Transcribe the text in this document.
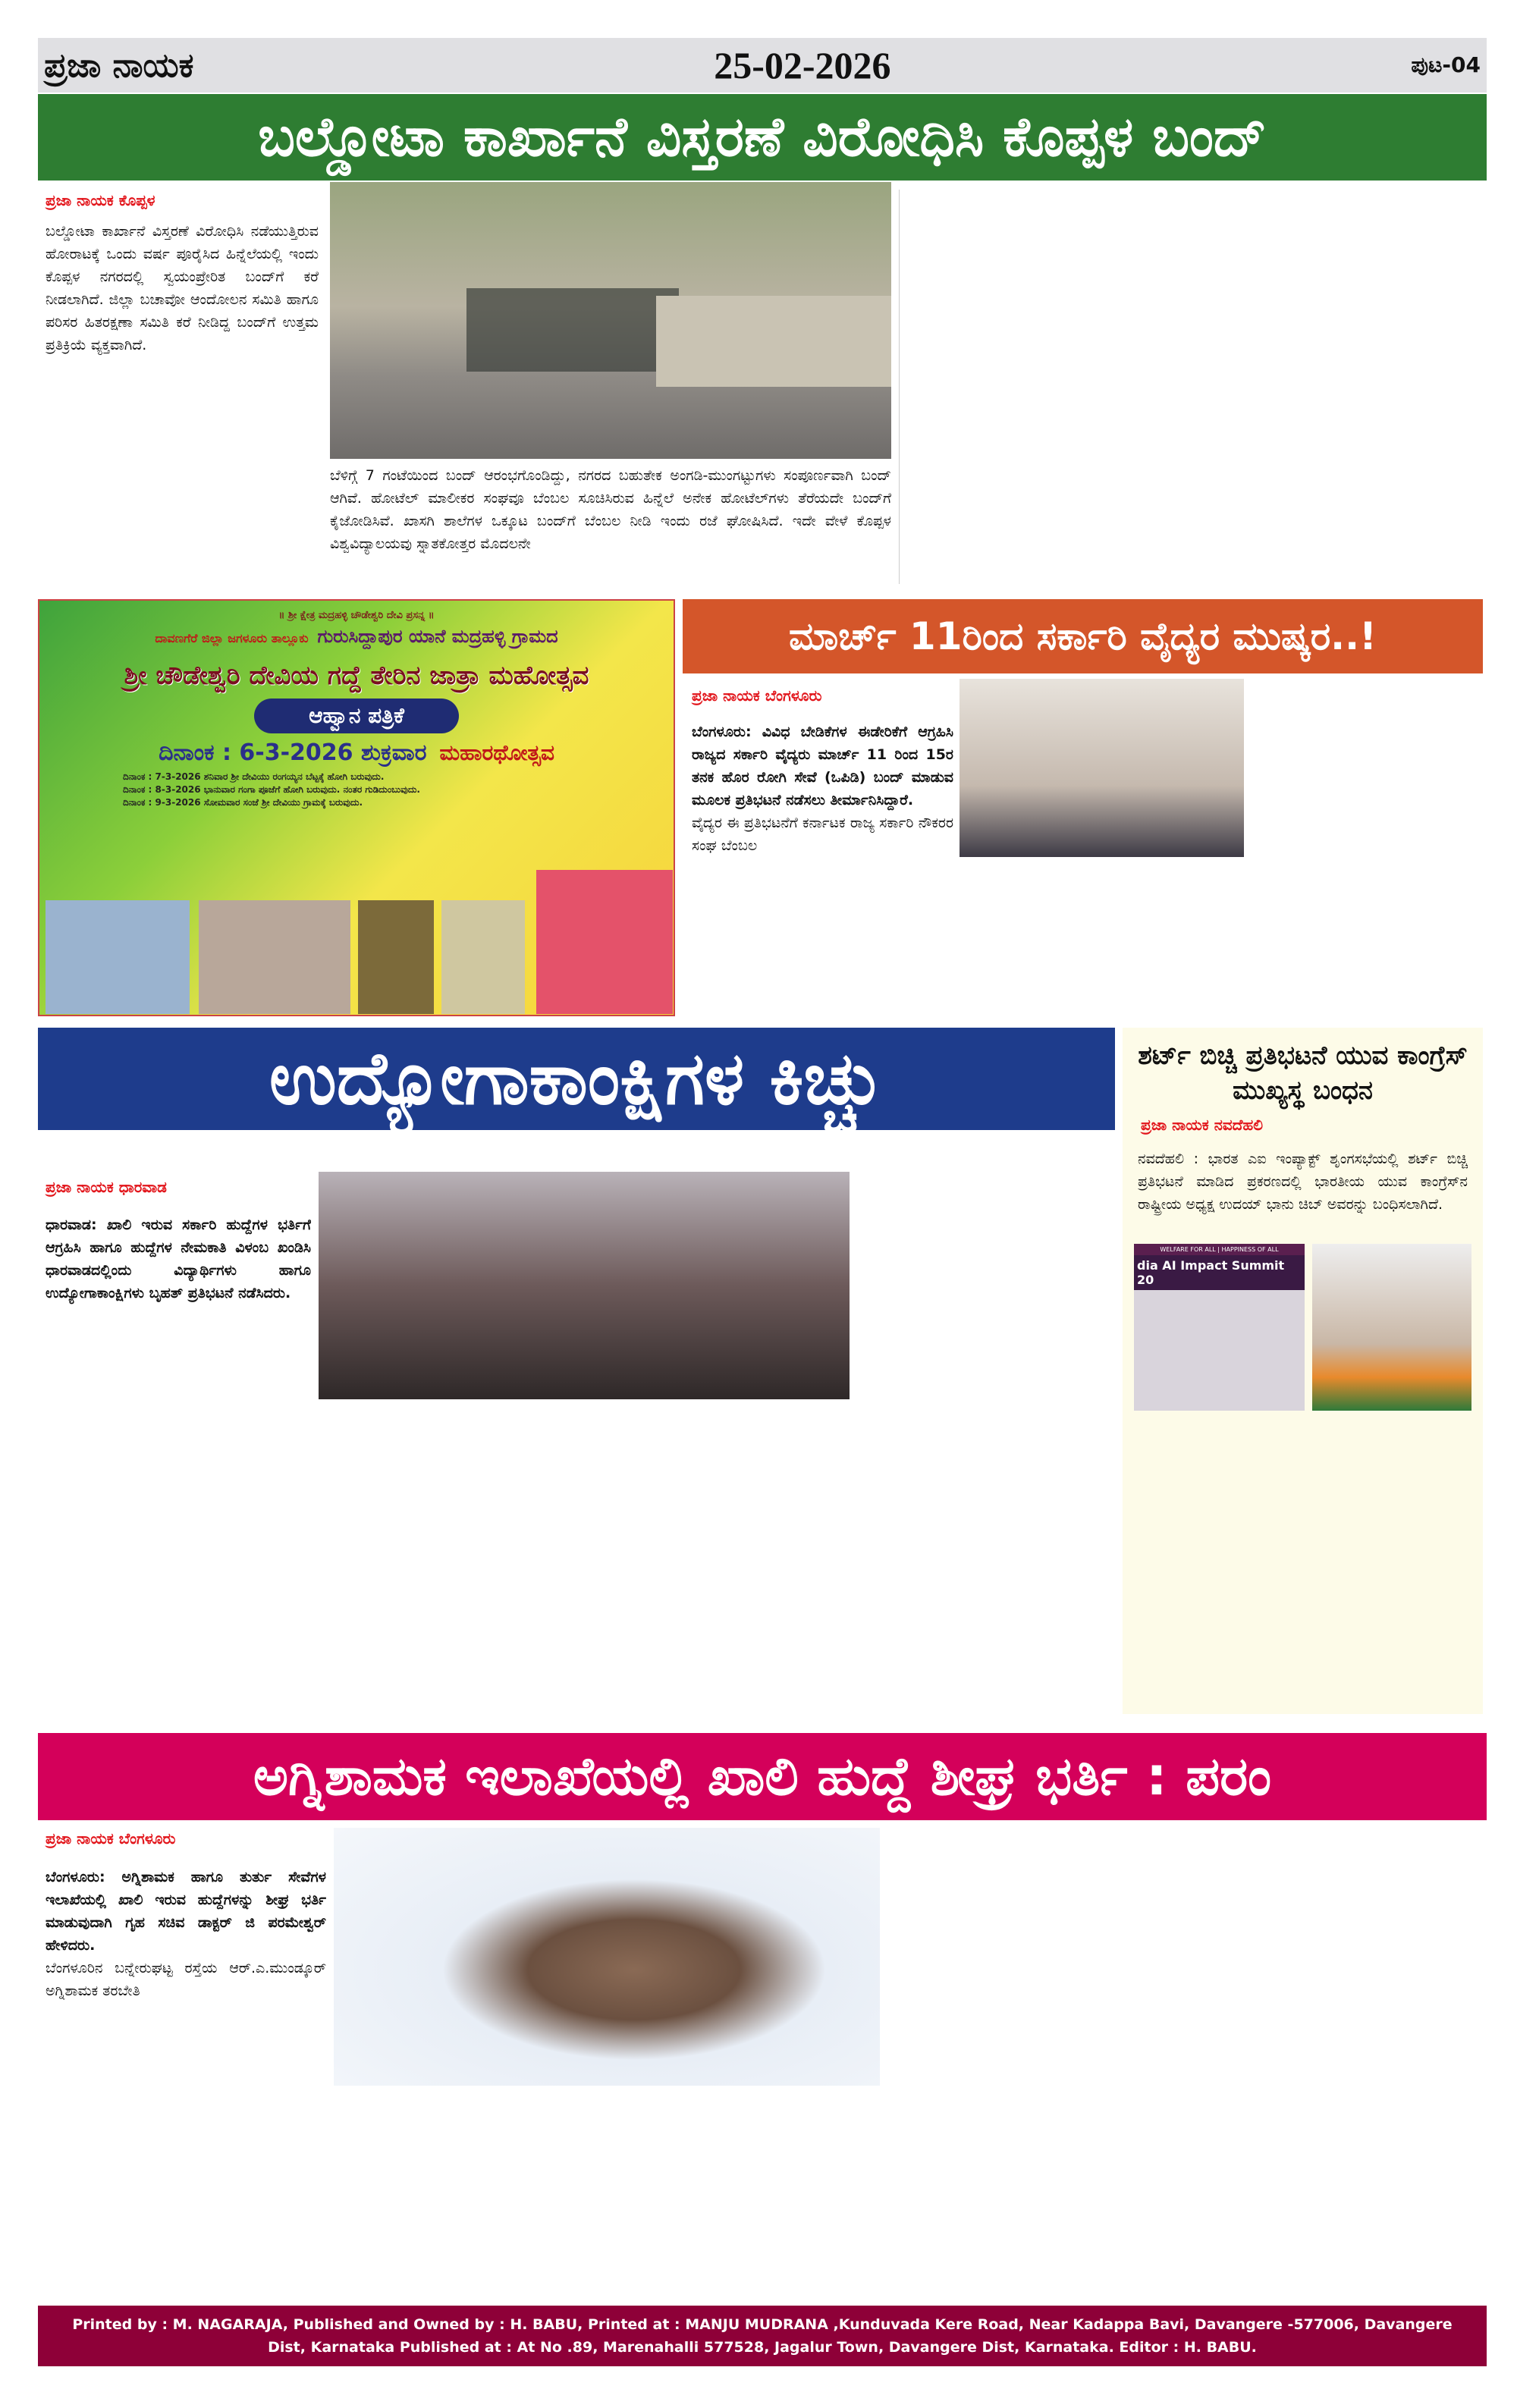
ಪ್ರಜಾ ನಾಯಕ	25-02-2026	ಪುಟ-04
ಬಲ್ಡೋಟಾ ಕಾರ್ಖಾನೆ ವಿಸ್ತರಣೆ ವಿರೋಧಿಸಿ ಕೊಪ್ಪಳ ಬಂದ್
ಪ್ರಜಾ ನಾಯಕ ಕೊಪ್ಪಳ

ಬಲ್ಡೋಟಾ ಕಾರ್ಖಾನೆ ವಿಸ್ತರಣೆ ವಿರೋಧಿಸಿ ನಡೆಯುತ್ತಿರುವ ಹೋರಾಟಕ್ಕೆ ಒಂದು ವರ್ಷ ಪೂರೈಸಿದ ಹಿನ್ನೆಲೆಯಲ್ಲಿ ಇಂದು ಕೊಪ್ಪಳ ನಗರದಲ್ಲಿ ಸ್ವಯಂಪ್ರೇರಿತ ಬಂದ್‌ಗೆ ಕರೆ ನೀಡಲಾಗಿದೆ. ಜಿಲ್ಲಾ ಬಚಾವೋ ಆಂದೋಲನ ಸಮಿತಿ ಹಾಗೂ ಪರಿಸರ ಹಿತರಕ್ಷಣಾ ಸಮಿತಿ ಕರೆ ನೀಡಿದ್ದ ಬಂದ್‌ಗೆ ಉತ್ತಮ ಪ್ರತಿಕ್ರಿಯೆ ವ್ಯಕ್ತವಾಗಿದೆ.

ಬೆಳಿಗ್ಗೆ 7 ಗಂಟೆಯಿಂದ ಬಂದ್ ಆರಂಭಗೊಂಡಿದ್ದು, ನಗರದ ಬಹುತೇಕ ಅಂಗಡಿ-ಮುಂಗಟ್ಟುಗಳು ಸಂಪೂರ್ಣವಾಗಿ ಬಂದ್ ಆಗಿವೆ. ಹೋಟೆಲ್ ಮಾಲೀಕರ ಸಂಘವೂ ಬೆಂಬಲ ಸೂಚಿಸಿರುವ ಹಿನ್ನೆಲೆ ಅನೇಕ ಹೋಟೆಲ್‌ಗಳು ತೆರೆಯದೇ ಬಂದ್‌ಗೆ ಕೈಜೋಡಿಸಿವೆ. ಖಾಸಗಿ ಶಾಲೆಗಳ ಒಕ್ಕೂಟ ಬಂದ್‌ಗೆ ಬೆಂಬಲ ನೀಡಿ ಇಂದು ರಜೆ ಘೋಷಿಸಿದೆ. ಇದೇ ವೇಳೆ ಕೊಪ್ಪಳ ವಿಶ್ವವಿದ್ಯಾಲಯವು ಸ್ನಾತಕೋತ್ತರ ಮೊದಲನೇ

॥ ಶ್ರೀ ಕ್ಷೇತ್ರ ಮದ್ರಹಳ್ಳಿ ಚೌಡೇಶ್ವರಿ ದೇವಿ ಪ್ರಸನ್ನ ॥
ದಾವಣಗೆರೆ ಜಿಲ್ಲಾ ಜಗಳೂರು ತಾಲ್ಲೂಕು ಗುರುಸಿದ್ದಾಪುರ ಯಾನೆ ಮದ್ರಹಳ್ಳಿ ಗ್ರಾಮದ
ಶ್ರೀ ಚೌಡೇಶ್ವರಿ ದೇವಿಯ ಗದ್ದೆ ತೇರಿನ ಜಾತ್ರಾ ಮಹೋತ್ಸವ
ಆಹ್ವಾನ ಪತ್ರಿಕೆ
ದಿನಾಂಕ : 6-3-2026 ಶುಕ್ರವಾರ ಮಹಾರಥೋತ್ಸವ
ದಿನಾಂಕ : 7-3-2026 ಶನಿವಾರ ಶ್ರೀ ದೇವಿಯು ರಂಗಯ್ಯನ ಬೆಟ್ಟಕ್ಕೆ ಹೋಗಿ ಬರುವುದು.
ದಿನಾಂಕ : 8-3-2026 ಭಾನುವಾರ ಗಂಗಾ ಪೂಜೆಗೆ ಹೋಗಿ ಬರುವುದು. ನಂತರ ಗುಡಿದುಂಬುವುದು.
ದಿನಾಂಕ : 9-3-2026 ಸೋಮವಾರ ಸಂಜೆ ಶ್ರೀ ದೇವಿಯು ಗ್ರಾಮಕ್ಕೆ ಬರುವುದು.
ಮಾರ್ಚ್ 11ರಿಂದ ಸರ್ಕಾರಿ ವೈದ್ಯರ ಮುಷ್ಕರ..!
ಪ್ರಜಾ ನಾಯಕ ಬೆಂಗಳೂರು

ಬೆಂಗಳೂರು: ವಿವಿಧ ಬೇಡಿಕೆಗಳ ಈಡೇರಿಕೆಗೆ ಆಗ್ರಹಿಸಿ ರಾಜ್ಯದ ಸರ್ಕಾರಿ ವೈದ್ಯರು ಮಾರ್ಚ್ 11 ರಿಂದ 15ರ ತನಕ ಹೊರ ರೋಗಿ ಸೇವೆ (ಒಪಿಡಿ) ಬಂದ್ ಮಾಡುವ ಮೂಲಕ ಪ್ರತಿಭಟನೆ ನಡೆಸಲು ತೀರ್ಮಾನಿಸಿದ್ದಾರೆ.

ವೈದ್ಯರ ಈ ಪ್ರತಿಭಟನೆಗೆ ಕರ್ನಾಟಕ ರಾಜ್ಯ ಸರ್ಕಾರಿ ನೌಕರರ ಸಂಘ ಬೆಂಬಲ

ಉದ್ಯೋಗಾಕಾಂಕ್ಷಿಗಳ ಕಿಚ್ಚು
ಪ್ರಜಾ ನಾಯಕ ಧಾರವಾಡ

ಧಾರವಾಡ: ಖಾಲಿ ಇರುವ ಸರ್ಕಾರಿ ಹುದ್ದೆಗಳ ಭರ್ತಿಗೆ ಆಗ್ರಹಿಸಿ ಹಾಗೂ ಹುದ್ದೆಗಳ ನೇಮಕಾತಿ ವಿಳಂಬ ಖಂಡಿಸಿ ಧಾರವಾಡದಲ್ಲಿಂದು ವಿದ್ಯಾರ್ಥಿಗಳು ಹಾಗೂ ಉದ್ಯೋಗಾಕಾಂಕ್ಷಿಗಳು ಬೃಹತ್ ಪ್ರತಿಭಟನೆ ನಡೆಸಿದರು.

ಶರ್ಟ್ ಬಿಚ್ಚಿ ಪ್ರತಿಭಟನೆ ಯುವ ಕಾಂಗ್ರೆಸ್ ಮುಖ್ಯಸ್ಥ ಬಂಧನ
ಪ್ರಜಾ ನಾಯಕ ನವದೆಹಲಿ

ನವದೆಹಲಿ : ಭಾರತ ಎಐ ಇಂಪ್ಯಾಕ್ಟ್ ಶೃಂಗಸಭೆಯಲ್ಲಿ ಶರ್ಟ್ ಬಿಚ್ಚಿ ಪ್ರತಿಭಟನೆ ಮಾಡಿದ ಪ್ರಕರಣದಲ್ಲಿ ಭಾರತೀಯ ಯುವ ಕಾಂಗ್ರೆಸ್‌ನ ರಾಷ್ಟ್ರೀಯ ಅಧ್ಯಕ್ಷ ಉದಯ್ ಭಾನು ಚಿಬ್ ಅವರನ್ನು ಬಂಧಿಸಲಾಗಿದೆ.

WELFARE FOR ALL | HAPPINESS OF ALL
dia AI Impact Summit 20
ಅಗ್ನಿಶಾಮಕ ಇಲಾಖೆಯಲ್ಲಿ ಖಾಲಿ ಹುದ್ದೆ ಶೀಘ್ರ ಭರ್ತಿ : ಪರಂ
ಪ್ರಜಾ ನಾಯಕ ಬೆಂಗಳೂರು

ಬೆಂಗಳೂರು: ಅಗ್ನಿಶಾಮಕ ಹಾಗೂ ತುರ್ತು ಸೇವೆಗಳ ಇಲಾಖೆಯಲ್ಲಿ ಖಾಲಿ ಇರುವ ಹುದ್ದೆಗಳನ್ನು ಶೀಘ್ರ ಭರ್ತಿ ಮಾಡುವುದಾಗಿ ಗೃಹ ಸಚಿವ ಡಾಕ್ಟರ್ ಜಿ ಪರಮೇಶ್ವರ್ ಹೇಳಿದರು.

ಬೆಂಗಳೂರಿನ ಬನ್ನೇರುಘಟ್ಟ ರಸ್ತೆಯ ಆರ್.ಎ.ಮುಂಡ್ಕೂರ್ ಅಗ್ನಿಶಾಮಕ ತರಬೇತಿ

Printed by : M. NAGARAJA, Published and Owned by : H. BABU, Printed at : MANJU MUDRANA ,Kunduvada Kere Road, Near Kadappa Bavi, Davangere -577006, Davangere
Dist, Karnataka Published at : At No .89, Marenahalli 577528, Jagalur Town, Davangere Dist, Karnataka. Editor : H. BABU.
